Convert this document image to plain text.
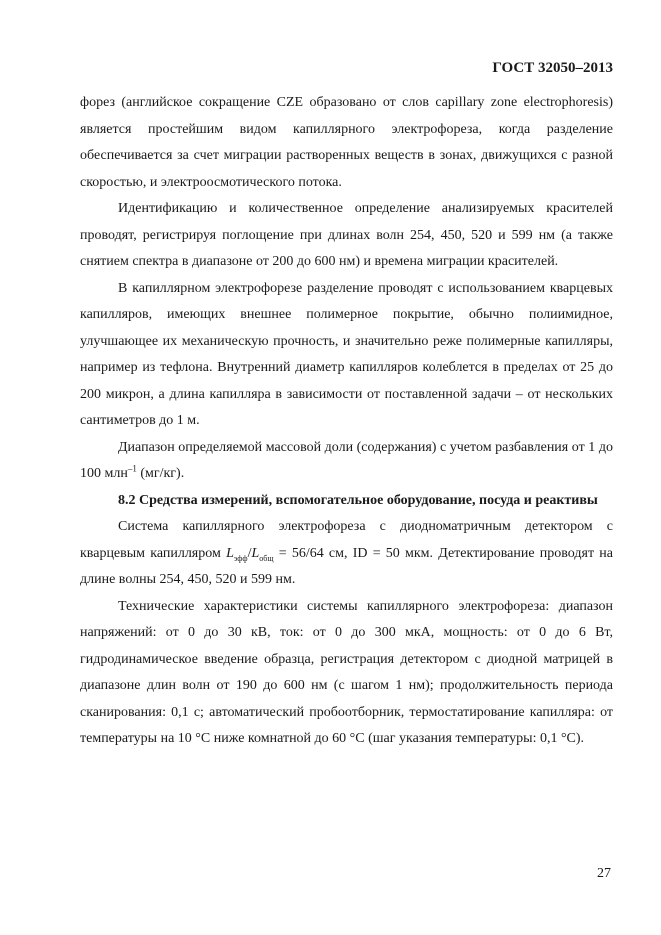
ГОСТ 32050–2013

форез (английское сокращение CZE образовано от слов capillary zone electrophoresis) является простейшим видом капиллярного электрофореза, когда разделение обеспечивается за счет миграции растворенных веществ в зонах, движущихся с разной скоростью, и электроосмотического потока.

Идентификацию и количественное определение анализируемых красителей проводят, регистрируя поглощение при длинах волн 254, 450, 520 и 599 нм (а также снятием спектра в диапазоне от 200 до 600 нм) и времена миграции красителей.

В капиллярном электрофорезе разделение проводят с использованием кварцевых капилляров, имеющих внешнее полимерное покрытие, обычно полиимидное, улучшающее их механическую прочность, и значительно реже полимерные капилляры, например из тефлона. Внутренний диаметр капилляров колеблется в пределах от 25 до 200 микрон, а длина капилляра в зависимости от поставленной задачи – от нескольких сантиметров до 1 м.

Диапазон определяемой массовой доли (содержания) с учетом разбавления от 1 до 100 млн$^{-1}$ (мг/кг).

8.2 Средства измерений, вспомогательное оборудование, посуда и реактивы

Система капиллярного электрофореза с диодноматричным детектором с кварцевым капилляром $L_{эфф}/L_{общ} = 56/64$ см, ID = 50 мкм. Детектирование проводят на длине волны 254, 450, 520 и 599 нм.

Технические характеристики системы капиллярного электрофореза: диапазон напряжений: от 0 до 30 кВ, ток: от 0 до 300 мкА, мощность: от 0 до 6 Вт, гидродинамическое введение образца, регистрация детектором с диодной матрицей в диапазоне длин волн от 190 до 600 нм (с шагом 1 нм); продолжительность периода сканирования: 0,1 с; автоматический пробоотборник, термостатирование капилляра: от температуры на 10 °С ниже комнатной до 60 °С (шаг указания температуры: 0,1 °С).

27
